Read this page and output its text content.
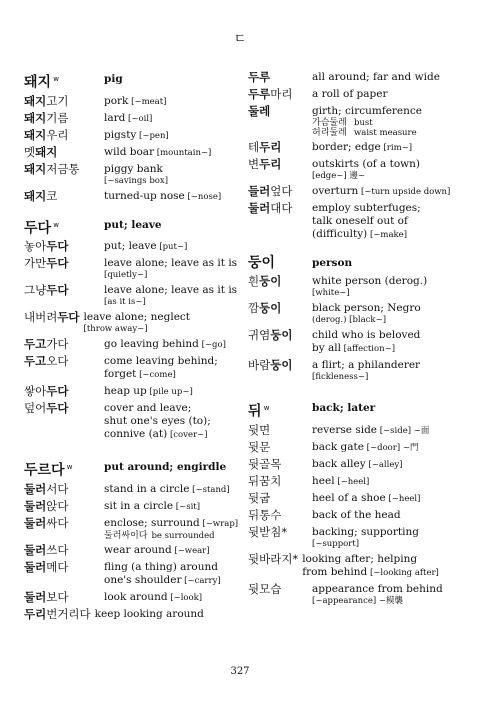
ㄷ
돼지 $^w$	pig
돼지고기	pork [~meat]
돼지기름	lard [~oil]
돼지우리	pigsty [~pen]
멧돼지	wild boar [mountain~]
돼지저금통	piggy bank
[~savings box]
돼지코	turned-up nose [~nose]
두다 $^w$	put; leave
놓아두다	put; leave [put~]
가만두다	leave alone; leave as it is
[quietly~]
그냥두다	leave alone; leave as it is
[as it is~]
내버려두다 leave alone; neglect
[throw away~]
두고가다	go leaving behind [~go]
두고오다	come leaving behind;
forget [~come]
쌓아두다	heap up [pile up~]
덮어두다	cover and leave;
shut one's eyes (to);
connive (at) [cover~]
두르다 $^w$	put around; engirdle
둘러서다	stand in a circle [~stand]
둘러앉다	sit in a circle [~sit]
둘러싸다	enclose; surround [~wrap]
둘러싸이다 be surrounded
둘러쓰다	wear around [~wear]
둘러메다	fling (a thing) around
one's shoulder [~carry]
둘러보다	look around [~look]
두리번거리다 keep looking around
두루	all around; far and wide
두루마리	a roll of paper
둘레	girth; circumference
가슴둘레 bust
허리둘레 waist measure
테두리	border; edge [rim~]
변두리	outskirts (of a town)
[edge~] 邊~
들러엎다	overturn [~turn upside down]
둘러대다	employ subterfuges;
talk oneself out of
(difficulty) [~make]
둥이	person
흰둥이	white person (derog.)
[white~]
깜둥이	black person; Negro
(derog.) [black~]
귀염둥이	child who is beloved
by all [affection~]
바람둥이	a flirt; a philanderer
[fickleness~]
뒤 $^w$	back; later
뒷면	reverse side [~side] ~面
뒷문	back gate [~door] ~門
뒷골목	back alley [~alley]
뒤꿈치	heel [~heel]
뒷굽	heel of a shoe [~heel]
뒤통수	back of the head
뒷받침*	backing; supporting
[~support]
뒷바라지* looking after; helping
from behind [~looking after]
뒷모습	appearance from behind
[~appearance] ~模襲
327
